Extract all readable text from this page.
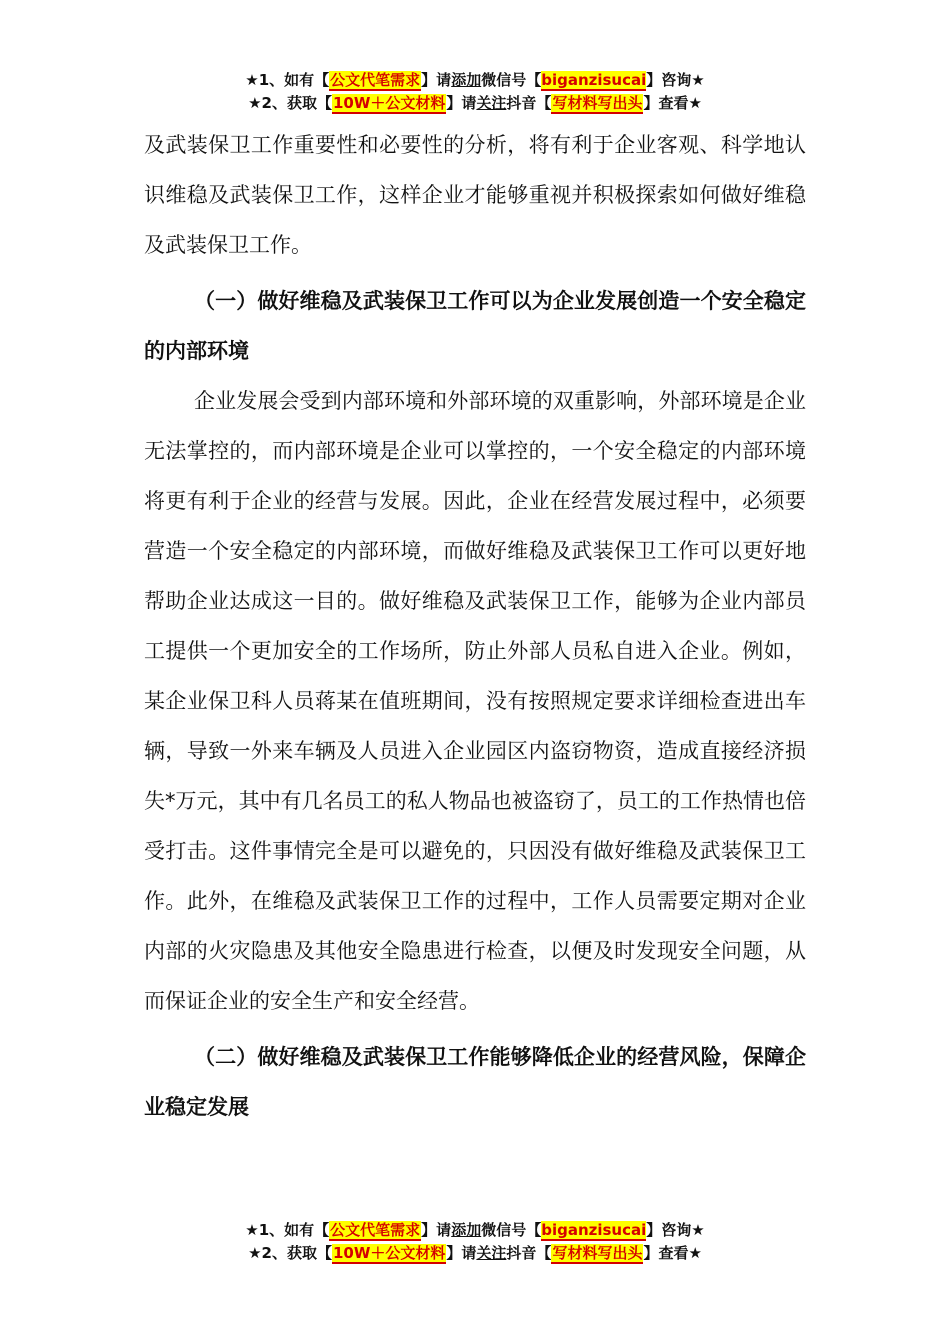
★1、如有【公文代笔需求】请添加微信号【biganzisucai】咨询★
★2、获取【10W＋公文材料】请关注抖音【写材料写出头】查看★

及武装保卫工作重要性和必要性的分析，将有利于企业客观、科学地认识维稳及武装保卫工作，这样企业才能够重视并积极探索如何做好维稳及武装保卫工作。

（一）做好维稳及武装保卫工作可以为企业发展创造一个安全稳定的内部环境

企业发展会受到内部环境和外部环境的双重影响，外部环境是企业无法掌控的，而内部环境是企业可以掌控的，一个安全稳定的内部环境将更有利于企业的经营与发展。因此，企业在经营发展过程中，必须要营造一个安全稳定的内部环境，而做好维稳及武装保卫工作可以更好地帮助企业达成这一目的。做好维稳及武装保卫工作，能够为企业内部员工提供一个更加安全的工作场所，防止外部人员私自进入企业。例如，某企业保卫科人员蒋某在值班期间，没有按照规定要求详细检查进出车辆，导致一外来车辆及人员进入企业园区内盗窃物资，造成直接经济损失*万元，其中有几名员工的私人物品也被盗窃了，员工的工作热情也倍受打击。这件事情完全是可以避免的，只因没有做好维稳及武装保卫工作。此外，在维稳及武装保卫工作的过程中，工作人员需要定期对企业内部的火灾隐患及其他安全隐患进行检查，以便及时发现安全问题，从而保证企业的安全生产和安全经营。

（二）做好维稳及武装保卫工作能够降低企业的经营风险，保障企业稳定发展

★1、如有【公文代笔需求】请添加微信号【biganzisucai】咨询★
★2、获取【10W＋公文材料】请关注抖音【写材料写出头】查看★
